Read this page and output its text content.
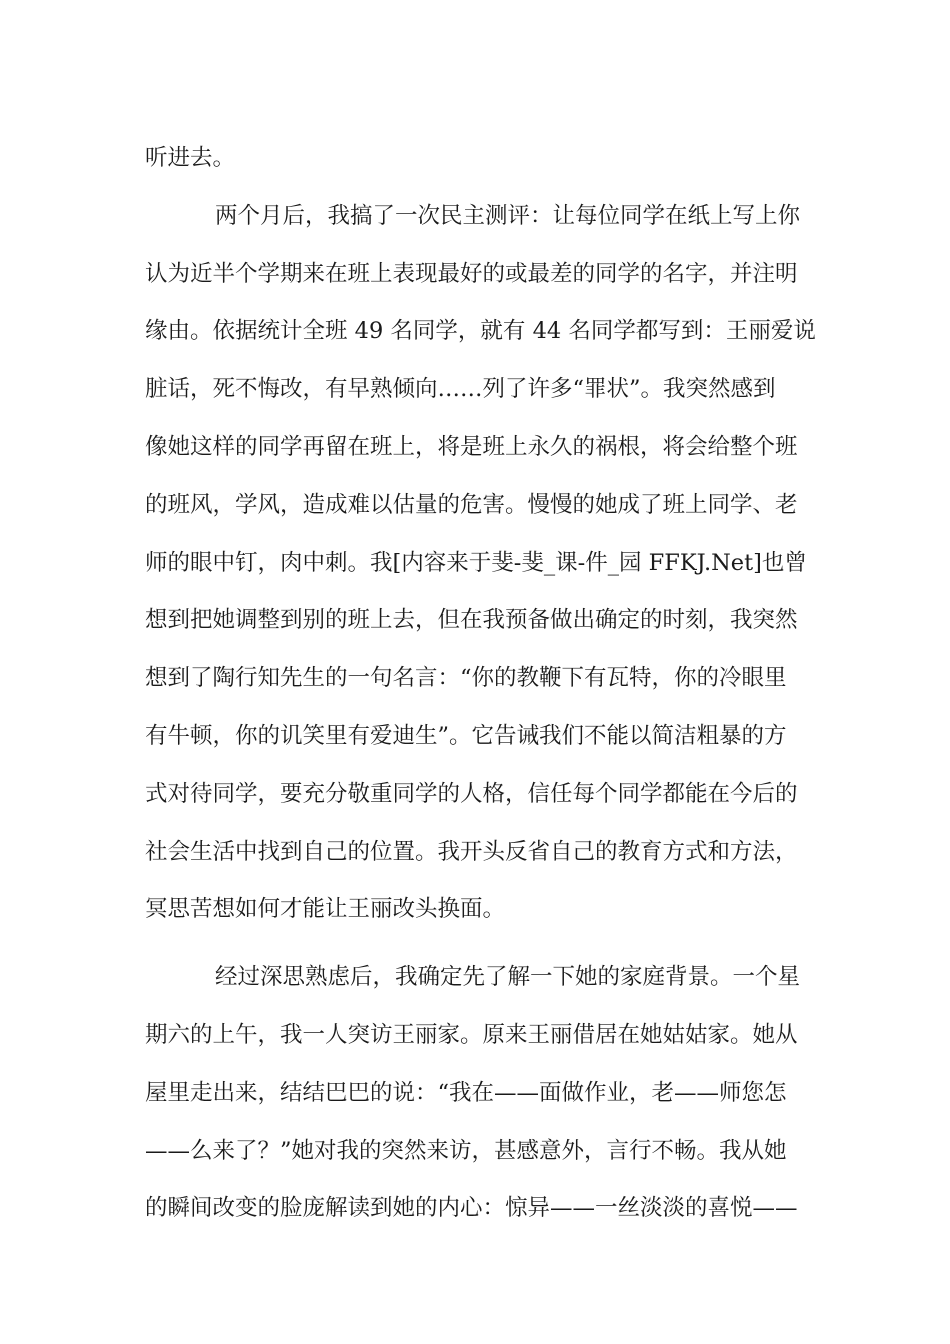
听进去。
两个月后，我搞了一次民主测评：让每位同学在纸上写上你
认为近半个学期来在班上表现最好的或最差的同学的名字，并注明
缘由。依据统计全班 49 名同学，就有 44 名同学都写到：王丽爱说
脏话，死不悔改，有早熟倾向……列了许多“罪状”。我突然感到
像她这样的同学再留在班上，将是班上永久的祸根，将会给整个班
的班风，学风，造成难以估量的危害。慢慢的她成了班上同学、老
师的眼中钉，肉中刺。我[内容来于斐-斐_课-件_园 FFKJ.Net]也曾
想到把她调整到别的班上去，但在我预备做出确定的时刻，我突然
想到了陶行知先生的一句名言：“你的教鞭下有瓦特，你的冷眼里
有牛顿，你的讥笑里有爱迪生”。它告诫我们不能以简洁粗暴的方
式对待同学，要充分敬重同学的人格，信任每个同学都能在今后的
社会生活中找到自己的位置。我开头反省自己的教育方式和方法，
冥思苦想如何才能让王丽改头换面。
经过深思熟虑后，我确定先了解一下她的家庭背景。一个星
期六的上午，我一人突访王丽家。原来王丽借居在她姑姑家。她从
屋里走出来，结结巴巴的说：“我在——面做作业，老——师您怎
——么来了？”她对我的突然来访，甚感意外，言行不畅。我从她
的瞬间改变的脸庞解读到她的内心：惊异——一丝淡淡的喜悦——
